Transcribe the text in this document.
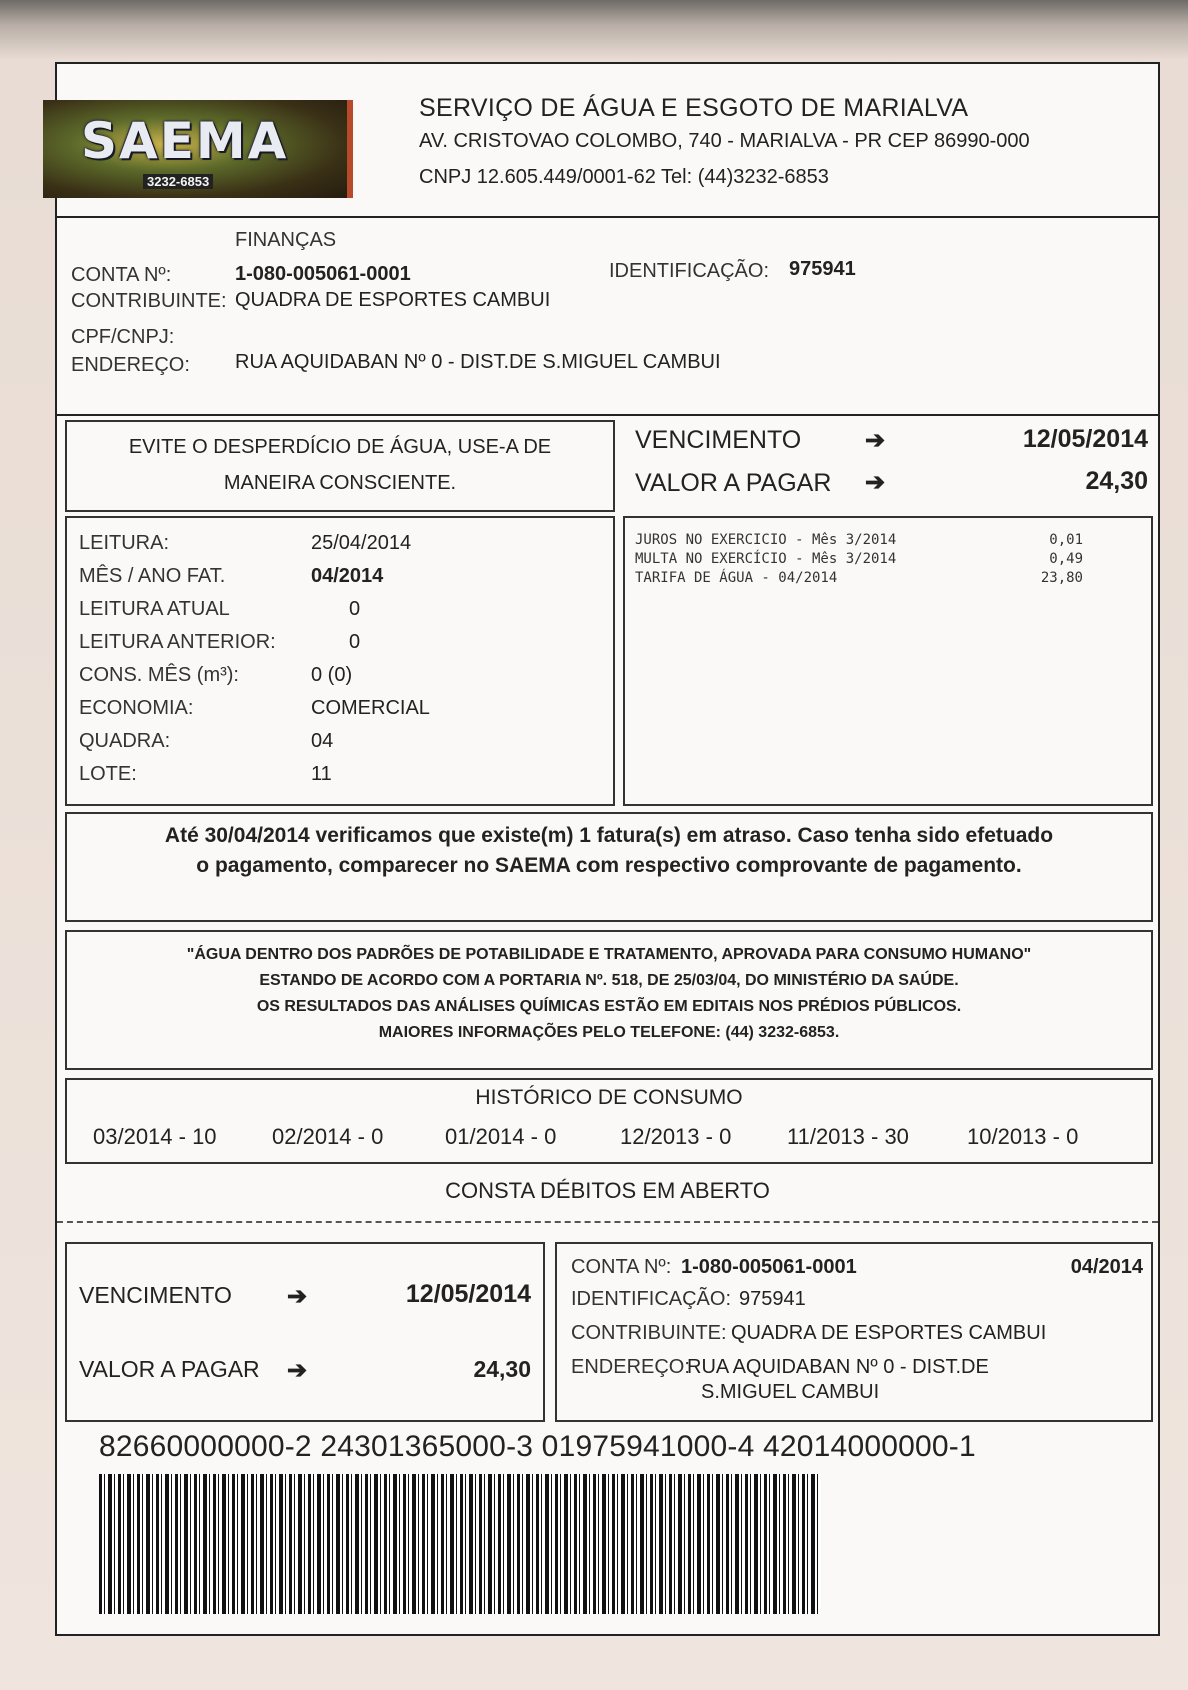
SAEMA
3232-6853
SERVIÇO DE ÁGUA E ESGOTO DE MARIALVA
AV. CRISTOVAO COLOMBO, 740 - MARIALVA - PR CEP 86990-000
CNPJ 12.605.449/0001-62 Tel: (44)3232-6853
FINANÇAS
CONTA Nº:	1-080-005061-0001	IDENTIFICAÇÃO: 975941
CONTRIBUINTE: QUADRA DE ESPORTES CAMBUI
CPF/CNPJ:
ENDEREÇO: RUA AQUIDABAN Nº 0 - DIST.DE S.MIGUEL CAMBUI
EVITE O DESPERDÍCIO DE ÁGUA, USE-A DE
MANEIRA CONSCIENTE.
VENCIMENTO	➔	12/05/2014
VALOR A PAGAR ➔	24,30
LEITURA:	25/04/2014
MÊS / ANO FAT.	04/2014
LEITURA ATUAL	0
LEITURA ANTERIOR:	0
CONS. MÊS (m³):	0 (0)
ECONOMIA:	COMERCIAL
QUADRA:	04
LOTE:	11
JUROS NO EXERCICIO - Mês 3/2014	0,01
MULTA NO EXERCÍCIO - Mês 3/2014	0,49
TARIFA DE ÁGUA - 04/2014	23,80
Até 30/04/2014 verificamos que existe(m) 1 fatura(s) em atraso. Caso tenha sido efetuado
o pagamento, comparecer no SAEMA com respectivo comprovante de pagamento.
"ÁGUA DENTRO DOS PADRÕES DE POTABILIDADE E TRATAMENTO, APROVADA PARA CONSUMO HUMANO"
ESTANDO DE ACORDO COM A PORTARIA Nº. 518, DE 25/03/04, DO MINISTÉRIO DA SAÚDE.
OS RESULTADOS DAS ANÁLISES QUÍMICAS ESTÃO EM EDITAIS NOS PRÉDIOS PÚBLICOS.
MAIORES INFORMAÇÕES PELO TELEFONE: (44) 3232-6853.
HISTÓRICO DE CONSUMO
03/2014 - 10	02/2014 - 0	01/2014 - 0	12/2013 - 0	11/2013 - 30	10/2013 - 0
CONSTA DÉBITOS EM ABERTO
VENCIMENTO ➔	12/05/2014
VALOR A PAGAR ➔	24,30
CONTA Nº: 1-080-005061-0001	04/2014
IDENTIFICAÇÃO: 975941
CONTRIBUINTE: QUADRA DE ESPORTES CAMBUI
ENDEREÇO:
RUA AQUIDABAN Nº 0 - DIST.DE
S.MIGUEL CAMBUI
82660000000-2 24301365000-3 01975941000-4 42014000000-1
